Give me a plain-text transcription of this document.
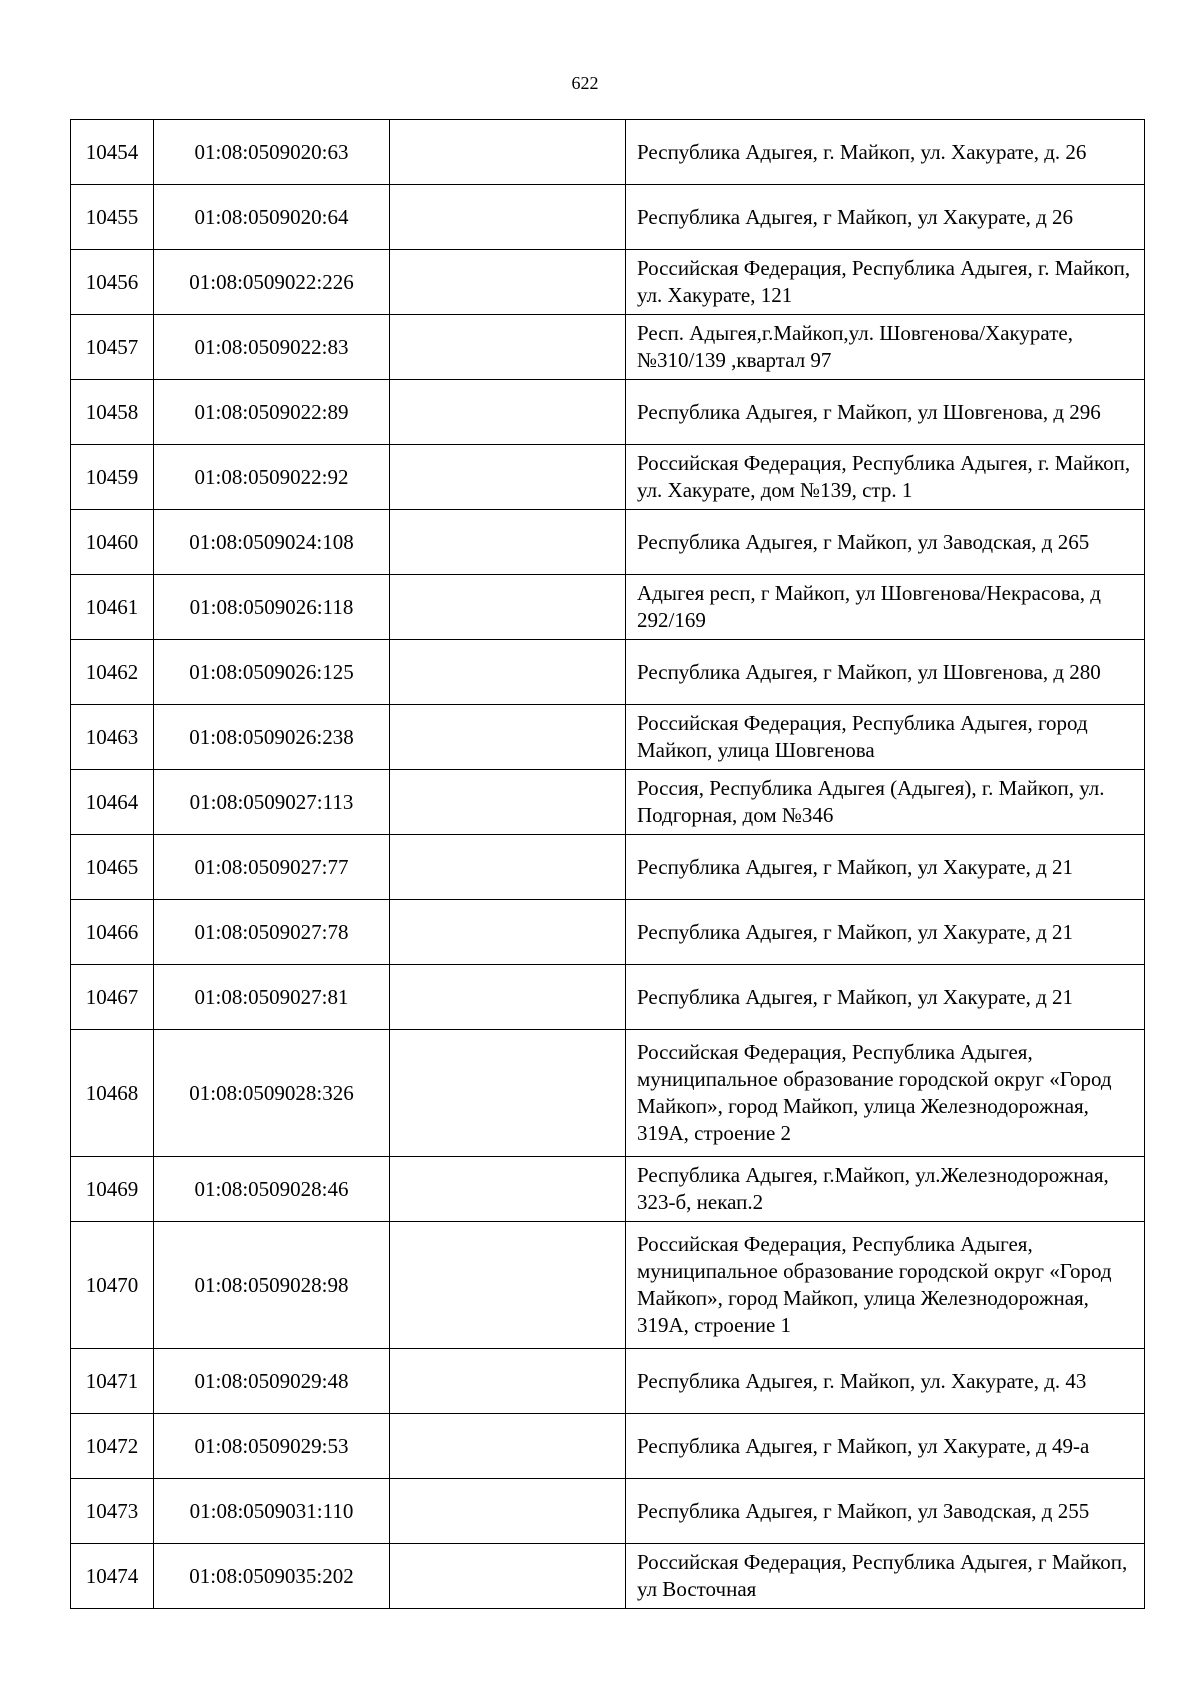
622
10454	01:08:0509020:63		Республика Адыгея, г. Майкоп, ул. Хакурате, д. 26
10455	01:08:0509020:64		Республика Адыгея, г Майкоп, ул Хакурате, д 26
10456	01:08:0509022:226		Российская Федерация, Республика Адыгея, г. Майкоп, ул. Хакурате, 121
10457	01:08:0509022:83		Респ. Адыгея,г.Майкоп,ул. Шовгенова/Хакурате, №310/139 ,квартал 97
10458	01:08:0509022:89		Республика Адыгея, г Майкоп, ул Шовгенова, д 296
10459	01:08:0509022:92		Российская Федерация, Республика Адыгея, г. Майкоп, ул. Хакурате, дом №139, стр. 1
10460	01:08:0509024:108		Республика Адыгея, г Майкоп, ул Заводская, д 265
10461	01:08:0509026:118		Адыгея респ, г Майкоп, ул Шовгенова/Некрасова, д 292/169
10462	01:08:0509026:125		Республика Адыгея, г Майкоп, ул Шовгенова, д 280
10463	01:08:0509026:238		Российская Федерация, Республика Адыгея, город Майкоп, улица Шовгенова
10464	01:08:0509027:113		Россия, Республика Адыгея (Адыгея), г. Майкоп, ул. Подгорная, дом №346
10465	01:08:0509027:77		Республика Адыгея, г Майкоп, ул Хакурате, д 21
10466	01:08:0509027:78		Республика Адыгея, г Майкоп, ул Хакурате, д 21
10467	01:08:0509027:81		Республика Адыгея, г Майкоп, ул Хакурате, д 21
10468	01:08:0509028:326		Российская Федерация, Республика Адыгея, муниципальное образование городской округ «Город Майкоп», город Майкоп, улица Железнодорожная, 319А, строение 2
10469	01:08:0509028:46		Республика Адыгея, г.Майкоп, ул.Железнодорожная, 323-б, некап.2
10470	01:08:0509028:98		Российская Федерация, Республика Адыгея, муниципальное образование городской округ «Город Майкоп», город Майкоп, улица Железнодорожная, 319А, строение 1
10471	01:08:0509029:48		Республика Адыгея, г. Майкоп, ул. Хакурате, д. 43
10472	01:08:0509029:53		Республика Адыгея, г Майкоп, ул Хакурате, д 49-а
10473	01:08:0509031:110		Республика Адыгея, г Майкоп, ул Заводская, д 255
10474	01:08:0509035:202		Российская Федерация, Республика Адыгея, г Майкоп, ул Восточная
